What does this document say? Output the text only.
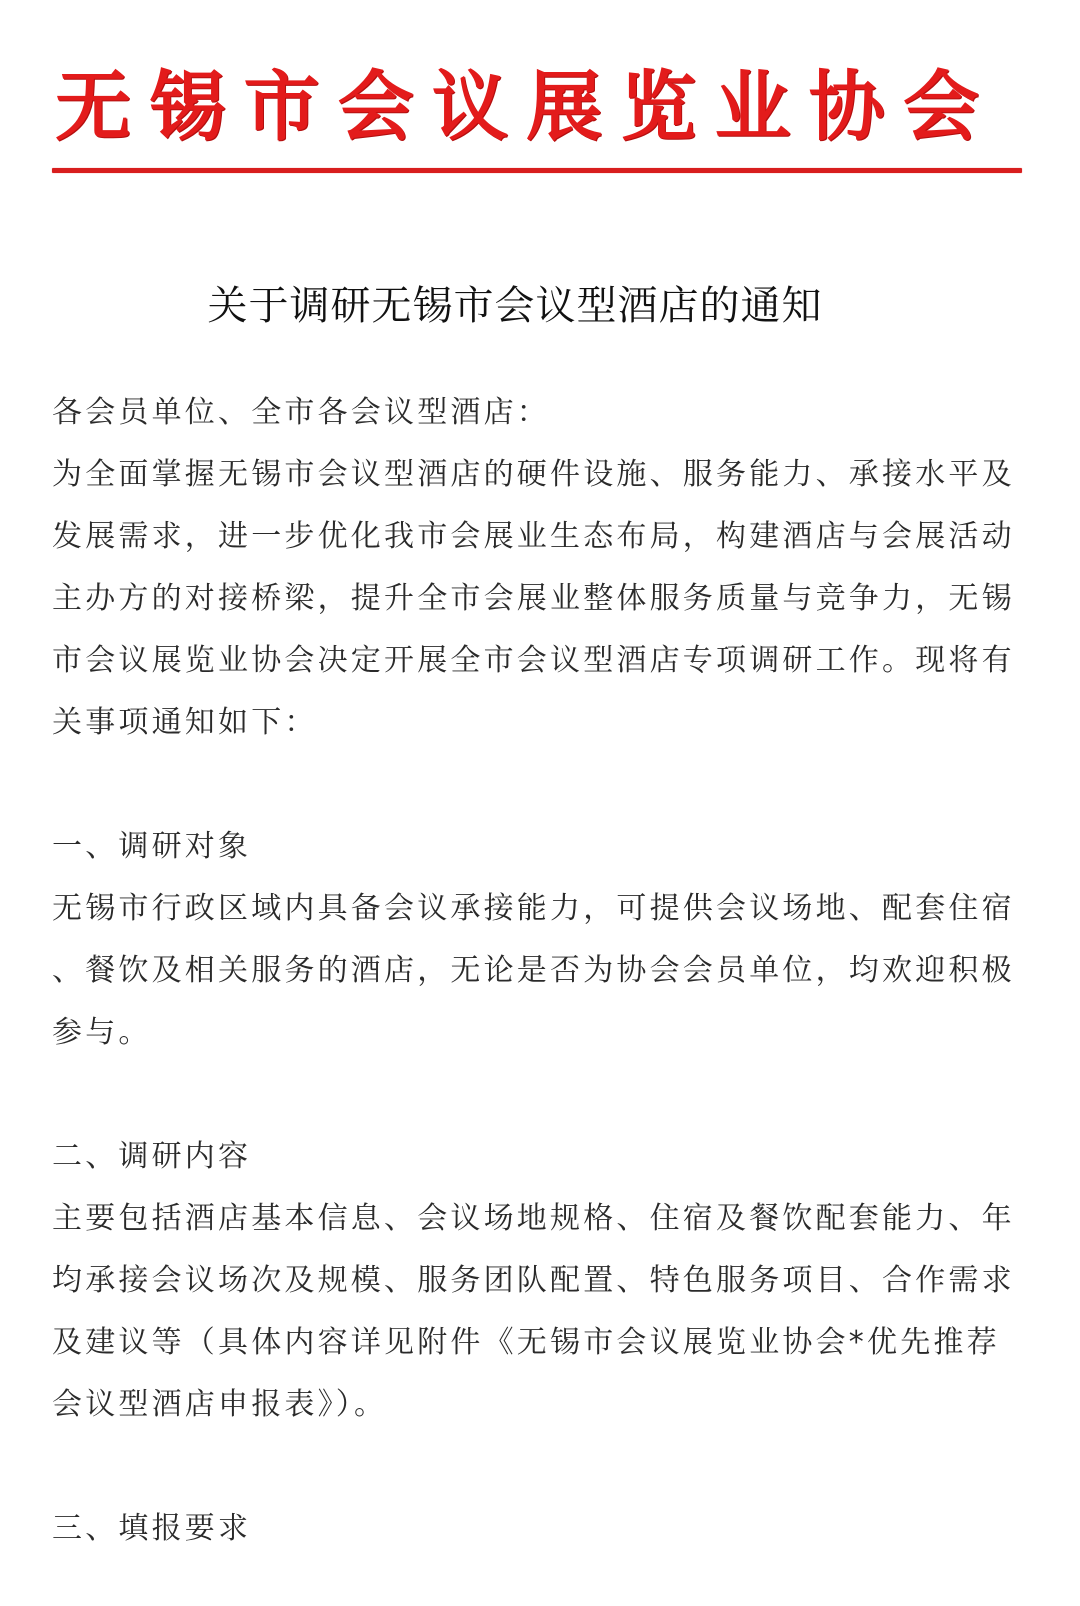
无 锡 市 会 议 展 览 业 协 会
关于调研无锡市会议型酒店的通知
各会员单位、全市各会议型酒店：
为全面掌握无锡市会议型酒店的硬件设施、服务能力、承接水平及
发展需求，进一步优化我市会展业生态布局，构建酒店与会展活动
主办方的对接桥梁，提升全市会展业整体服务质量与竞争力，无锡
市会议展览业协会决定开展全市会议型酒店专项调研工作。现将有
关事项通知如下：
一、调研对象
无锡市行政区域内具备会议承接能力，可提供会议场地、配套住宿
、餐饮及相关服务的酒店，无论是否为协会会员单位，均欢迎积极
参与。
二、调研内容
主要包括酒店基本信息、会议场地规格、住宿及餐饮配套能力、年
均承接会议场次及规模、服务团队配置、特色服务项目、合作需求
及建议等（具体内容详见附件《无锡市会议展览业协会*优先推荐
会议型酒店申报表》）。
三、填报要求
